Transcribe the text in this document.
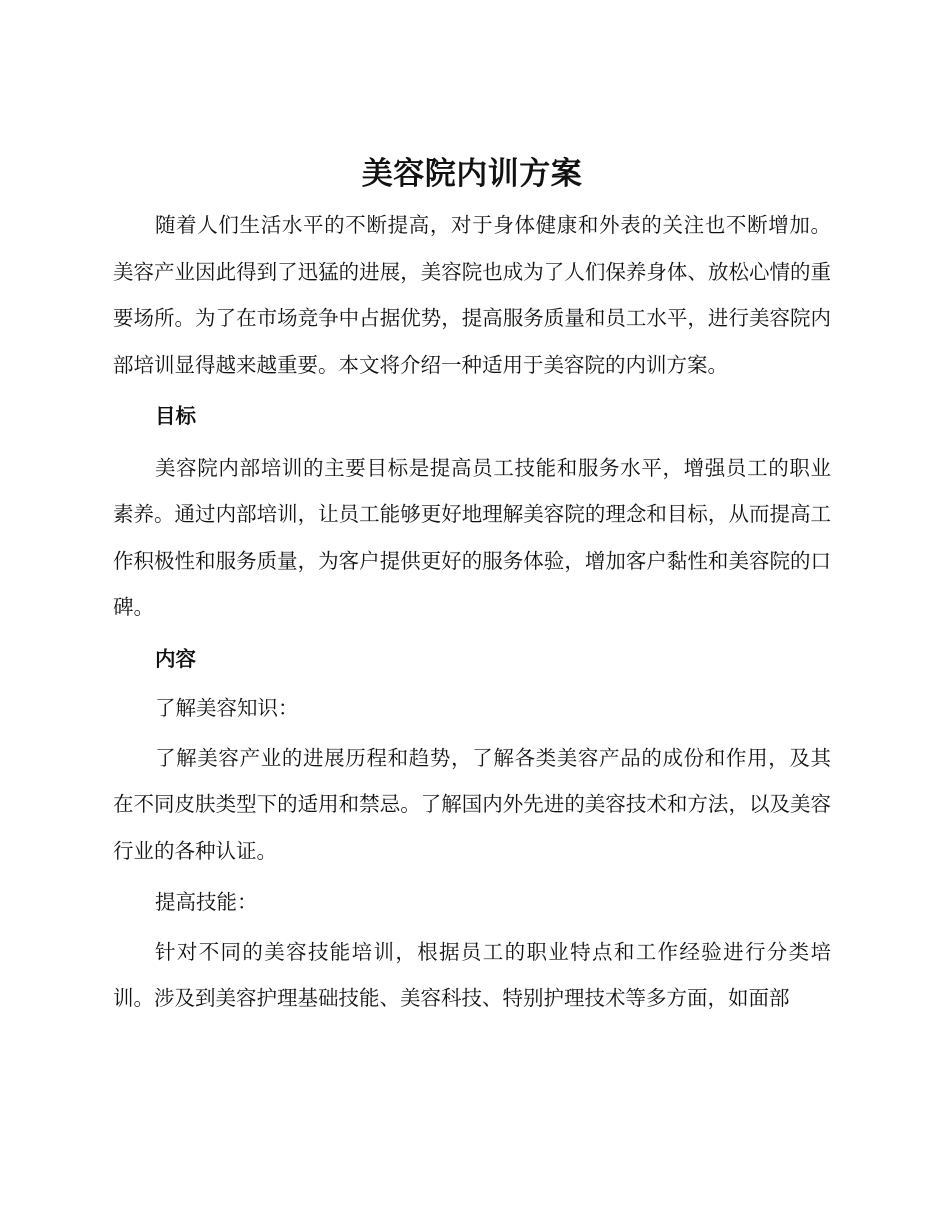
美容院内训方案

随着人们生活水平的不断提高，对于身体健康和外表的关注也不断增加。美容产业因此得到了迅猛的进展，美容院也成为了人们保养身体、放松心情的重要场所。为了在市场竞争中占据优势，提高服务质量和员工水平，进行美容院内部培训显得越来越重要。本文将介绍一种适用于美容院的内训方案。

目标

美容院内部培训的主要目标是提高员工技能和服务水平，增强员工的职业素养。通过内部培训，让员工能够更好地理解美容院的理念和目标，从而提高工作积极性和服务质量，为客户提供更好的服务体验，增加客户黏性和美容院的口碑。

内容

了解美容知识：

了解美容产业的进展历程和趋势，了解各类美容产品的成份和作用，及其在不同皮肤类型下的适用和禁忌。了解国内外先进的美容技术和方法，以及美容行业的各种认证。

提高技能：

针对不同的美容技能培训，根据员工的职业特点和工作经验进行分类培训。涉及到美容护理基础技能、美容科技、特别护理技术等多方面，如面部
